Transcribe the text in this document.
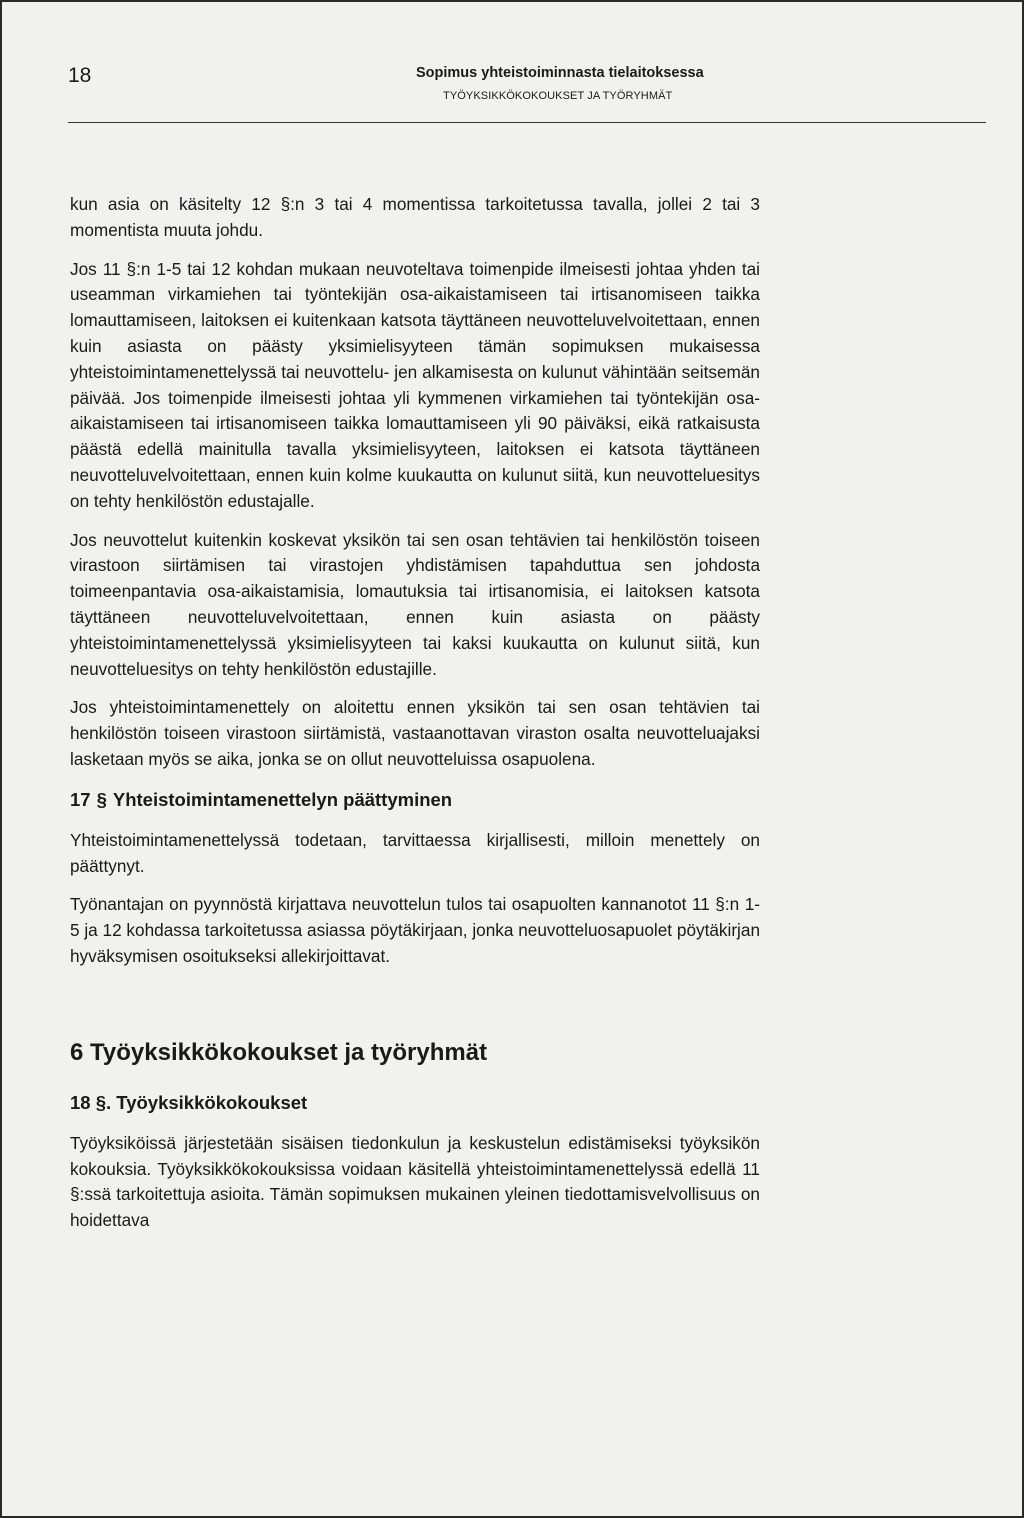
18	Sopimus yhteistoiminnasta tielaitoksessa
TYÖYKSIKKÖKOKOUKSET JA TYÖRYHMÄT

kun asia on käsitelty 12 §:n 3 tai 4 momentissa tarkoitetussa tavalla, jollei 2 tai 3 momentista muuta johdu.

Jos 11 §:n 1-5 tai 12 kohdan mukaan neuvoteltava toimenpide ilmeisesti johtaa yhden tai useamman virkamiehen tai työntekijän osa-aikaistamiseen tai irtisanomiseen taikka lomauttamiseen, laitoksen ei kuitenkaan katsota täyttäneen neuvotteluvelvoitettaan, ennen kuin asiasta on päästy yksimielisyyteen tämän sopimuksen mukaisessa yhteistoimintamenettelyssä tai neuvottelu- jen alkamisesta on kulunut vähintään seitsemän päivää. Jos toimenpide ilmeisesti johtaa yli kymmenen virkamiehen tai työntekijän osa-aikaistamiseen tai irtisanomiseen taikka lomauttamiseen yli 90 päiväksi, eikä ratkaisusta päästä edellä mainitulla tavalla yksimielisyyteen, laitoksen ei katsota täyttäneen neuvotteluvelvoitettaan, ennen kuin kolme kuukautta on kulunut siitä, kun neuvotteluesitys on tehty henkilöstön edustajalle.

Jos neuvottelut kuitenkin koskevat yksikön tai sen osan tehtävien tai henkilöstön toiseen virastoon siirtämisen tai virastojen yhdistämisen tapahduttua sen johdosta toimeenpantavia osa-aikaistamisia, lomautuksia tai irtisanomisia, ei laitoksen katsota täyttäneen neuvotteluvelvoitettaan, ennen kuin asiasta on päästy yhteistoimintamenettelyssä yksimielisyyteen tai kaksi kuukautta on kulunut siitä, kun neuvotteluesitys on tehty henkilöstön edustajille.

Jos yhteistoimintamenettely on aloitettu ennen yksikön tai sen osan tehtävien tai henkilöstön toiseen virastoon siirtämistä, vastaanottavan viraston osalta neuvotteluajaksi lasketaan myös se aika, jonka se on ollut neuvotteluissa osapuolena.

17 § Yhteistoimintamenettelyn päättyminen

Yhteistoimintamenettelyssä todetaan, tarvittaessa kirjallisesti, milloin menettely on päättynyt.

Työnantajan on pyynnöstä kirjattava neuvottelun tulos tai osapuolten kannanotot 11 §:n 1-5 ja 12 kohdassa tarkoitetussa asiassa pöytäkirjaan, jonka neuvotteluosapuolet pöytäkirjan hyväksymisen osoitukseksi allekirjoittavat.

6 Työyksikkökokoukset ja työryhmät
18 §. Työyksikkökokoukset

Työyksiköissä järjestetään sisäisen tiedonkulun ja keskustelun edistämiseksi työyksikön kokouksia. Työyksikkökokouksissa voidaan käsitellä yhteistoimintamenettelyssä edellä 11 §:ssä tarkoitettuja asioita. Tämän sopimuksen mukainen yleinen tiedottamisvelvollisuus on hoidettava
